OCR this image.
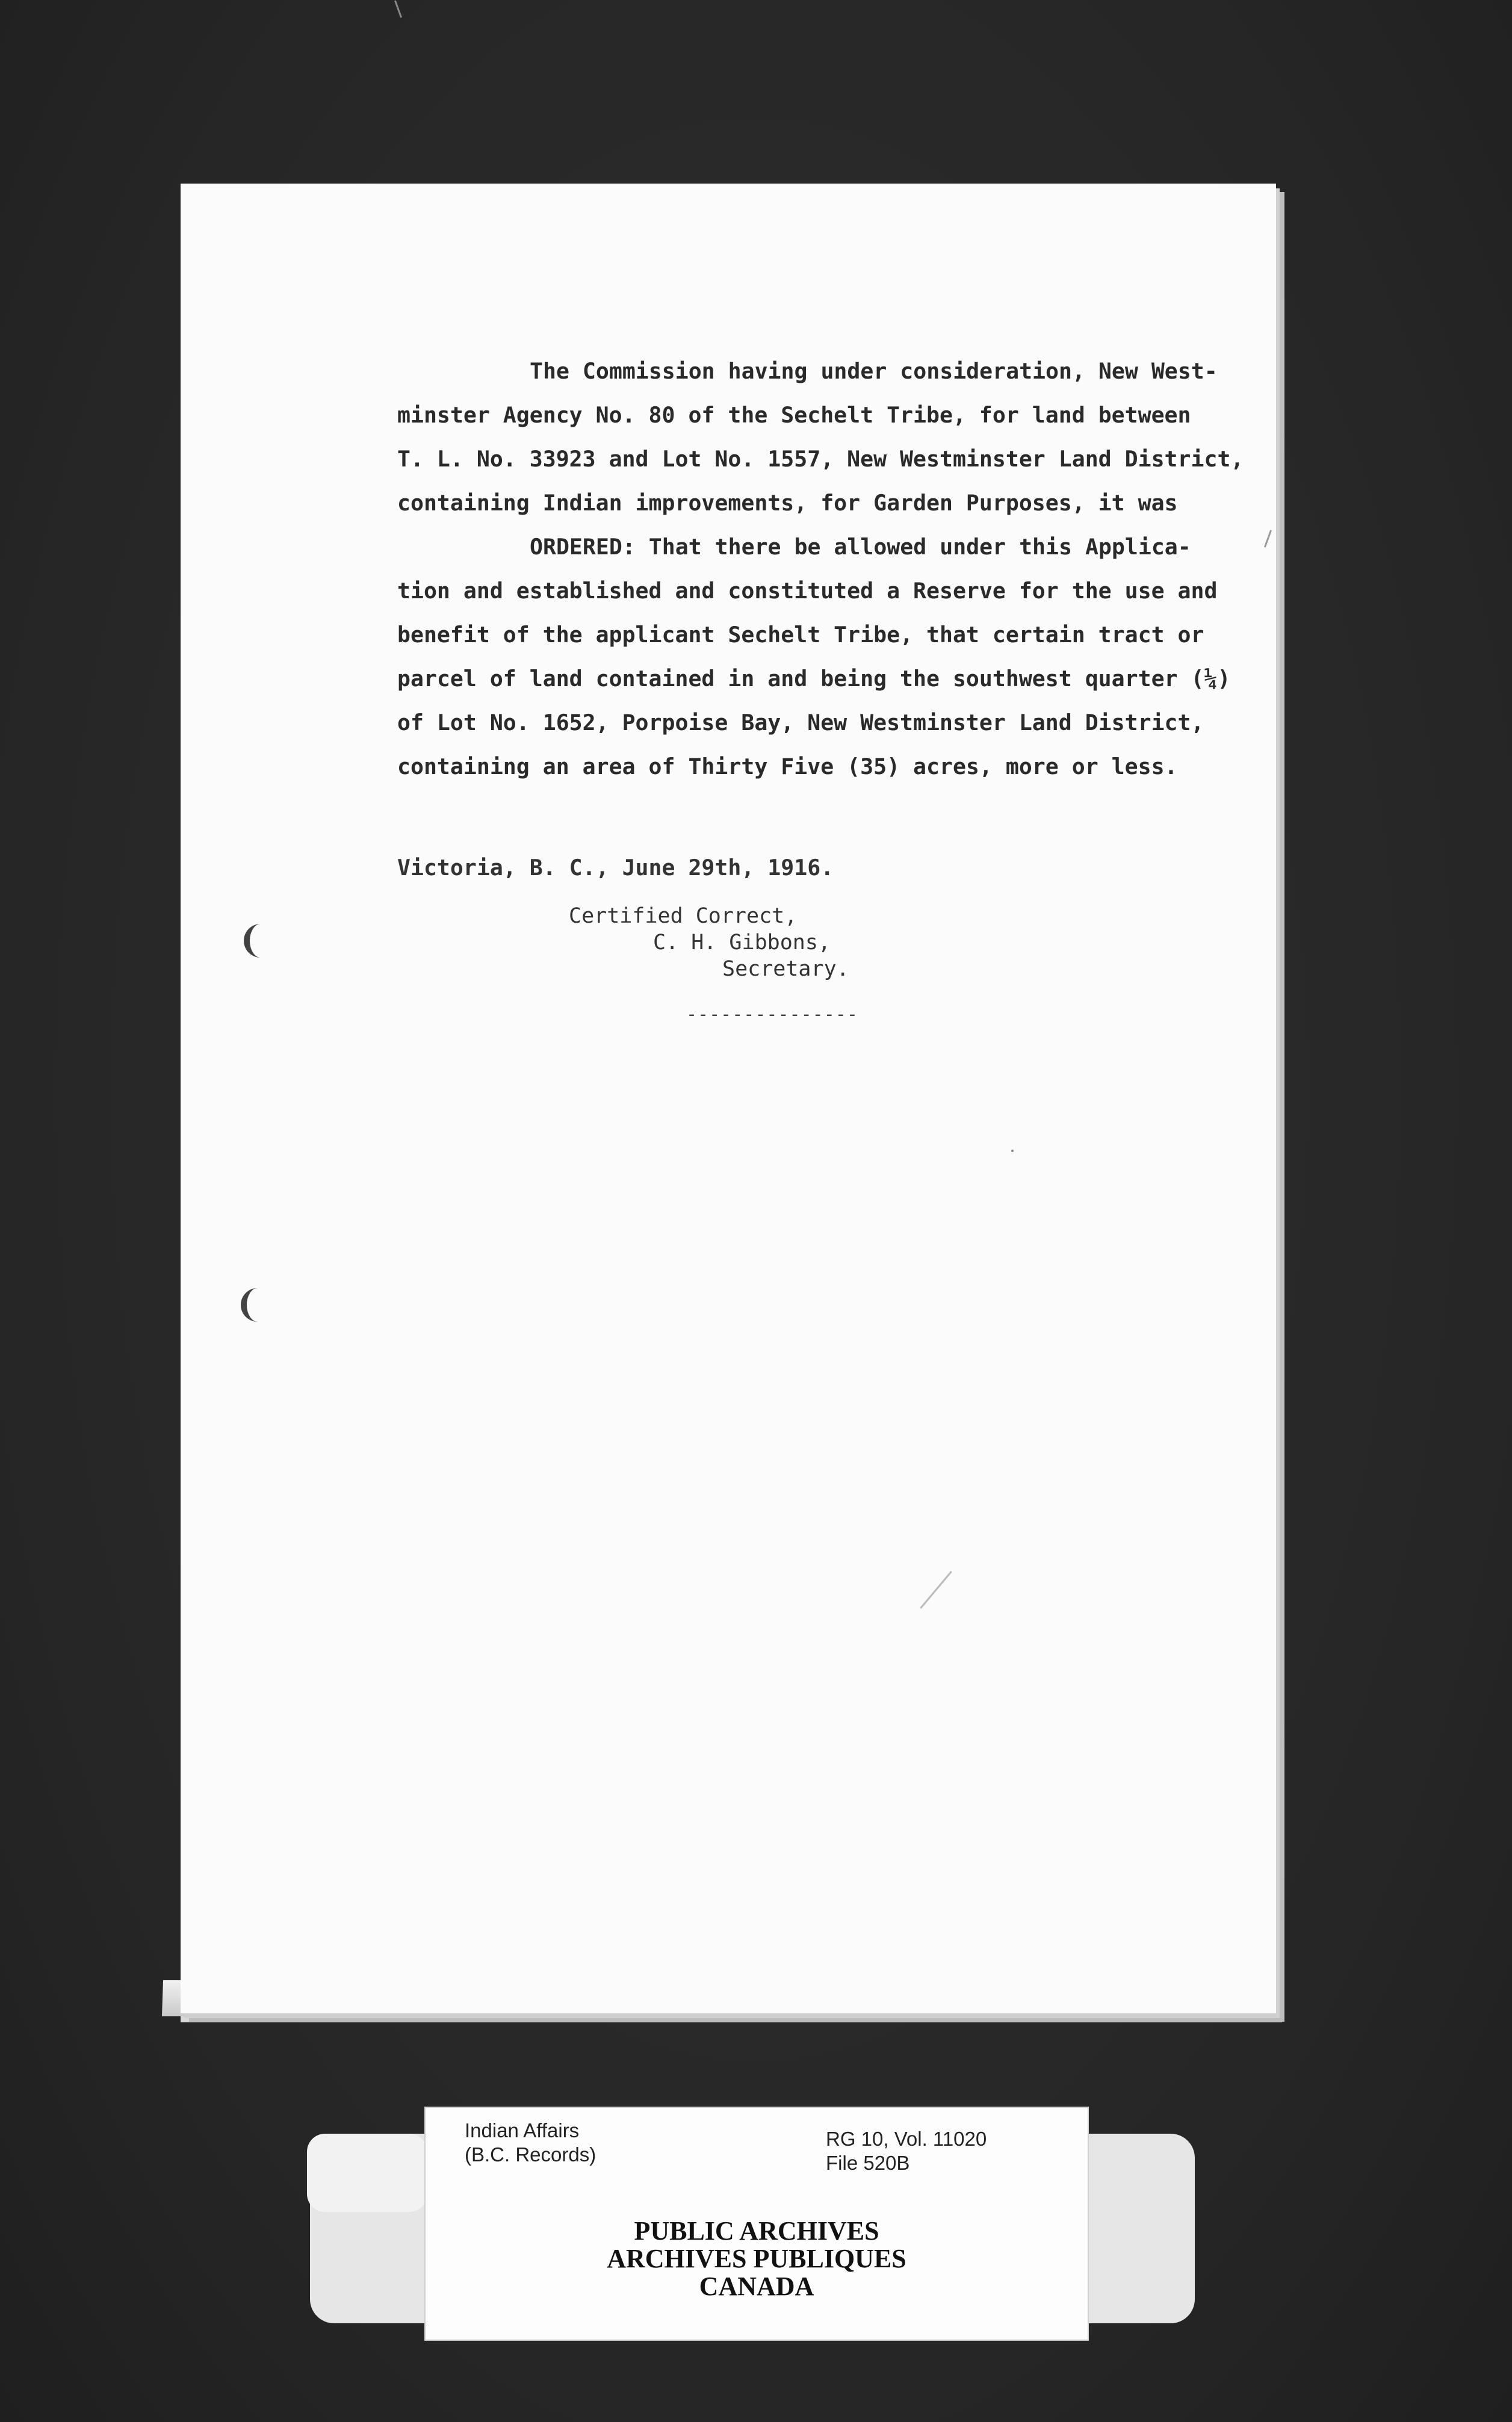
The Commission having under consideration, New West-
minster Agency No. 80 of the Sechelt Tribe, for land between
T. L. No. 33923 and Lot No. 1557, New Westminster Land District,
containing Indian improvements, for Garden Purposes, it was
ORDERED: That there be allowed under this Applica-
tion and established and constituted a Reserve for the use and
benefit of the applicant Sechelt Tribe, that certain tract or
parcel of land contained in and being the southwest quarter (¼)
of Lot No. 1652, Porpoise Bay, New Westminster Land District,
containing an area of Thirty Five (35) acres, more or less.
Victoria, B. C., June 29th, 1916.
Certified Correct,
C. H. Gibbons,
Secretary.
---------------
Indian Affairs
(B.C. Records)
RG 10, Vol. 11020
File 520B
PUBLIC ARCHIVES
ARCHIVES PUBLIQUES
CANADA
